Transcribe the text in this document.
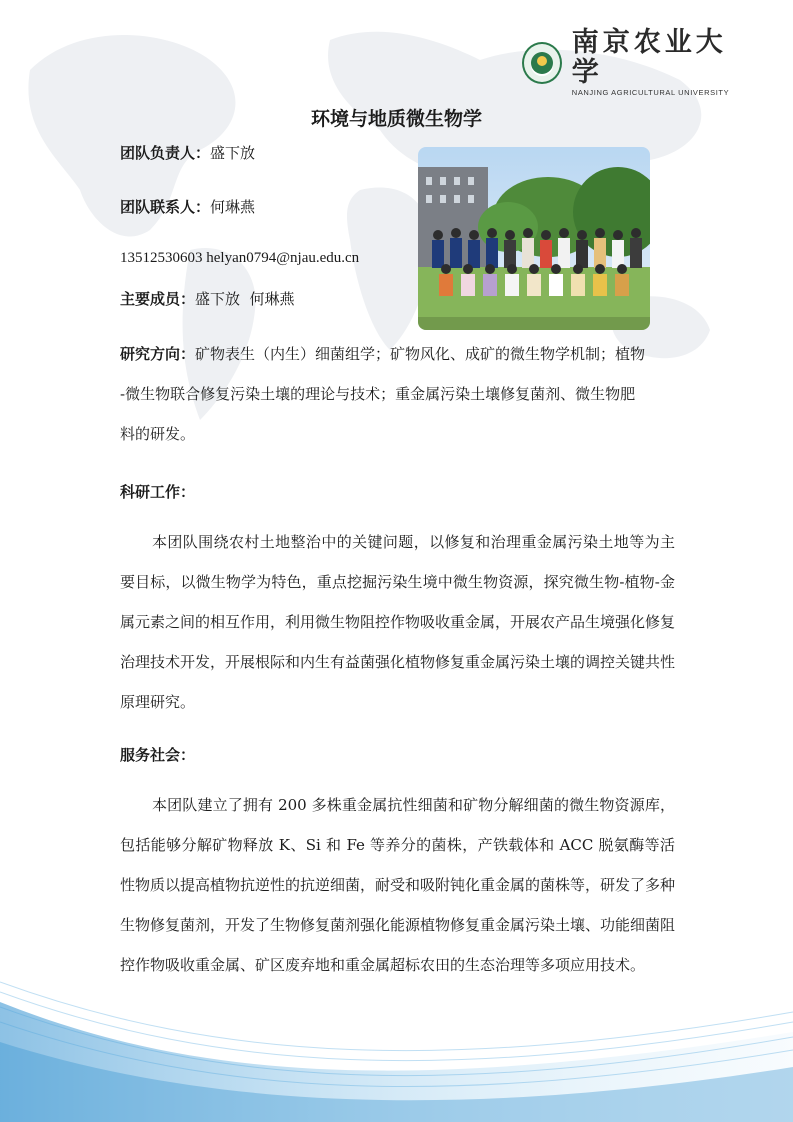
南京农业大学
NANJING AGRICULTURAL UNIVERSITY
环境与地质微生物学
团队负责人：盛下放
团队联系人：何琳燕
13512530603 helyan0794@njau.edu.cn
主要成员：盛下放  何琳燕

研究方向：矿物表生（内生）细菌组学；矿物风化、成矿的微生物学机制；植物
-微生物联合修复污染土壤的理论与技术；重金属污染土壤修复菌剂、微生物肥
料的研发。

科研工作：

本团队围绕农村土地整治中的关键问题，以修复和治理重金属污染土地等为主要目标，以微生物学为特色，重点挖掘污染生境中微生物资源，探究微生物-植物-金属元素之间的相互作用，利用微生物阻控作物吸收重金属，开展农产品生境强化修复治理技术开发，开展根际和内生有益菌强化植物修复重金属污染土壤的调控关键共性原理研究。

服务社会：

本团队建立了拥有 200 多株重金属抗性细菌和矿物分解细菌的微生物资源库，包括能够分解矿物释放 K、Si 和 Fe 等养分的菌株，产铁载体和 ACC 脱氨酶等活性物质以提高植物抗逆性的抗逆细菌，耐受和吸附钝化重金属的菌株等，研发了多种生物修复菌剂，开发了生物修复菌剂强化能源植物修复重金属污染土壤、功能细菌阻控作物吸收重金属、矿区废弃地和重金属超标农田的生态治理等多项应用技术。
